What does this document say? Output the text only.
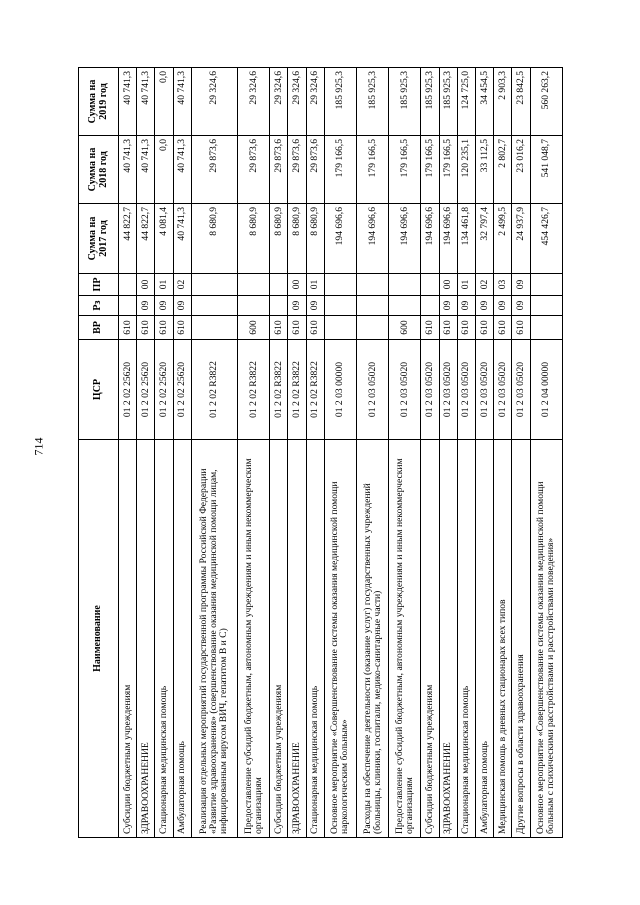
714
Наименование	ЦСР	ВР	Рз	ПР	Сумма на 2017 год	Сумма на 2018 год	Сумма на 2019 год
Субсидии бюджетным учреждениям	01 2 02 25620	610			44 822,7	40 741,3	40 741,3
ЗДРАВООХРАНЕНИЕ	01 2 02 25620	610	09	00	44 822,7	40 741,3	40 741,3
Стационарная медицинская помощь	01 2 02 25620	610	09	01	4 081,4	0,0	0,0
Амбулаторная помощь	01 2 02 25620	610	09	02	40 741,3	40 741,3	40 741,3
Реализация отдельных мероприятий государственной программы Российской Федерации «Развитие здравоохранения» (совершенствование оказания медицинской помощи лицам, инфицированным вирусом ВИЧ, гепатитом В и С)	01 2 02 R3822				8 680,9	29 873,6	29 324,6
Предоставление субсидий бюджетным, автономным учреждениям и иным некоммерческим организациям	01 2 02 R3822	600			8 680,9	29 873,6	29 324,6
Субсидии бюджетным учреждениям	01 2 02 R3822	610			8 680,9	29 873,6	29 324,6
ЗДРАВООХРАНЕНИЕ	01 2 02 R3822	610	09	00	8 680,9	29 873,6	29 324,6
Стационарная медицинская помощь	01 2 02 R3822	610	09	01	8 680,9	29 873,6	29 324,6
Основное мероприятие «Совершенствование системы оказания медицинской помощи наркологическим больным»	01 2 03 00000				194 696,6	179 166,5	185 925,3
Расходы на обеспечение деятельности (оказание услуг) государственных учреждений (больницы, клиники, госпитали, медико-санитарные части)	01 2 03 05020				194 696,6	179 166,5	185 925,3
Предоставление субсидий бюджетным, автономным учреждениям и иным некоммерческим организациям	01 2 03 05020	600			194 696,6	179 166,5	185 925,3
Субсидии бюджетным учреждениям	01 2 03 05020	610			194 696,6	179 166,5	185 925,3
ЗДРАВООХРАНЕНИЕ	01 2 03 05020	610	09	00	194 696,6	179 166,5	185 925,3
Стационарная медицинская помощь	01 2 03 05020	610	09	01	134 461,8	120 235,1	124 725,0
Амбулаторная помощь	01 2 03 05020	610	09	02	32 797,4	33 112,5	34 454,5
Медицинская помощь в дневных стационарах всех типов	01 2 03 05020	610	09	03	2 499,5	2 802,7	2 903,3
Другие вопросы в области здравоохранения	01 2 03 05020	610	09	09	24 937,9	23 016,2	23 842,5
Основное мероприятие «Совершенствование системы оказания медицинской помощи больным с психическими расстройствами и расстройствами поведения»	01 2 04 00000				454 426,7	541 048,7	560 263,2
